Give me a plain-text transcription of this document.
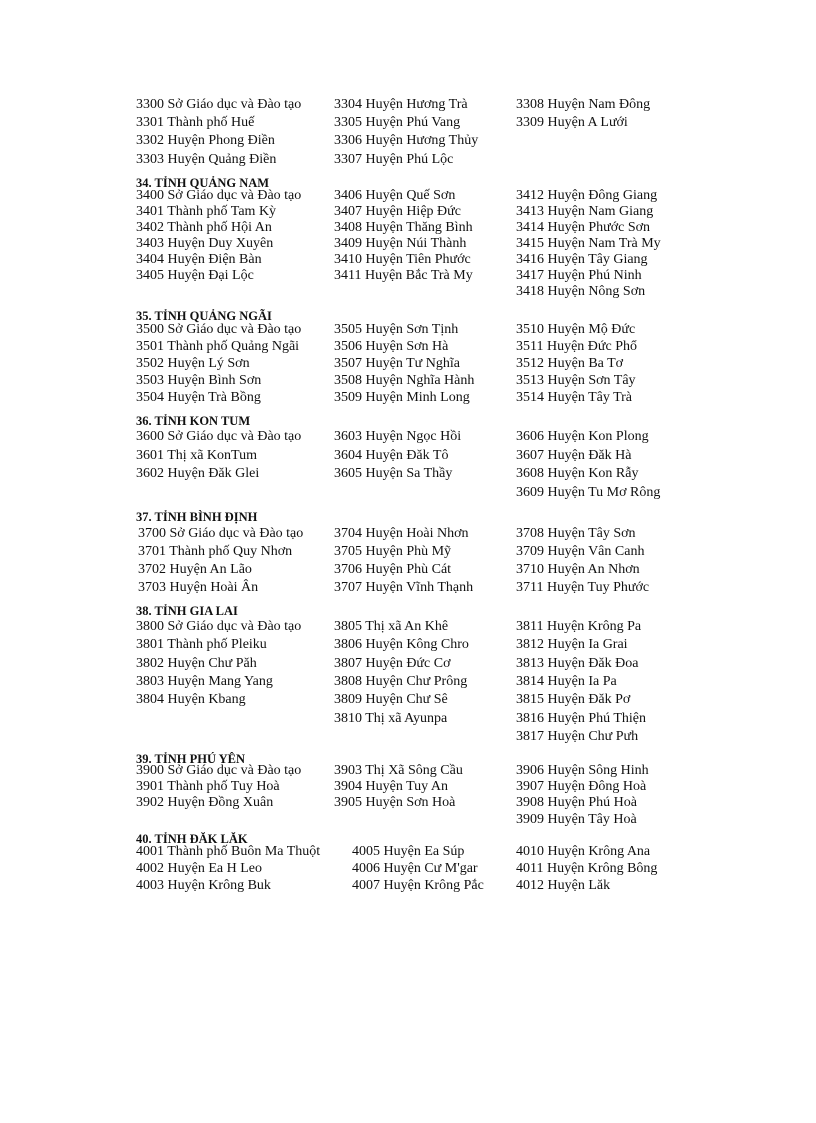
3300 Sở Giáo dục và Đào tạo
3301 Thành phố Huế
3302 Huyện Phong Điền
3303 Huyện Quảng Điền
3304 Huyện Hương Trà
3305 Huyện Phú Vang
3306 Huyện Hương Thủy
3307 Huyện Phú Lộc
3308 Huyện Nam Đông
3309 Huyện A Lưới
34. TỈNH QUẢNG NAM
3400 Sở Giáo dục và Đào tạo
3401 Thành phố Tam Kỳ
3402 Thành phố Hội An
3403 Huyện Duy Xuyên
3404 Huyện Điện Bàn
3405 Huyện Đại Lộc
3406 Huyện Quế Sơn
3407 Huyện Hiệp Đức
3408 Huyện Thăng Bình
3409 Huyện Núi Thành
3410 Huyện Tiên Phước
3411 Huyện Bắc Trà My
3412 Huyện Đông Giang
3413 Huyện Nam Giang
3414 Huyện Phước Sơn
3415 Huyện Nam Trà My
3416 Huyện Tây Giang
3417 Huyện Phú Ninh
3418 Huyện Nông Sơn
35. TỈNH QUẢNG NGÃI
3500 Sở Giáo dục và Đào tạo
3501 Thành phố Quảng Ngãi
3502 Huyện Lý Sơn
3503 Huyện Bình Sơn
3504 Huyện Trà Bồng
3505 Huyện Sơn Tịnh
3506 Huyện Sơn Hà
3507 Huyện Tư Nghĩa
3508 Huyện Nghĩa Hành
3509 Huyện Minh Long
3510 Huyện Mộ Đức
3511 Huyện Đức Phổ
3512 Huyện Ba Tơ
3513 Huyện Sơn Tây
3514 Huyện Tây Trà
36. TỈNH KON TUM
3600 Sở Giáo dục và Đào tạo
3601 Thị xã KonTum
3602 Huyện Đăk Glei
3603 Huyện Ngọc Hồi
3604 Huyện Đăk Tô
3605 Huyện Sa Thầy
3606 Huyện Kon Plong
3607 Huyện Đăk Hà
3608 Huyện Kon Rẫy
3609 Huyện Tu Mơ Rông
37. TỈNH BÌNH ĐỊNH
3700 Sở Giáo dục và Đào tạo
3701 Thành phố Quy Nhơn
3702 Huyện An Lão
3703 Huyện Hoài Ân
3704 Huyện Hoài Nhơn
3705 Huyện Phù Mỹ
3706 Huyện Phù Cát
3707 Huyện Vĩnh Thạnh
3708 Huyện Tây Sơn
3709 Huyện Vân Canh
3710 Huyện An Nhơn
3711 Huyện Tuy Phước
38. TỈNH GIA LAI
3800 Sở Giáo dục và Đào tạo
3801 Thành phố Pleiku
3802 Huyện Chư Păh
3803 Huyện Mang Yang
3804 Huyện Kbang
3805 Thị xã An Khê
3806 Huyện Kông Chro
3807 Huyện Đức Cơ
3808 Huyện Chư Prông
3809 Huyện Chư Sê
3810 Thị xã Ayunpa
3811 Huyện Krông Pa
3812 Huyện Ia Grai
3813 Huyện Đăk Đoa
3814 Huyện Ia Pa
3815 Huyện Đăk Pơ
3816 Huyện Phú Thiện
3817 Huyện Chư Pưh
39. TỈNH PHÚ YÊN
3900 Sở Giáo dục và Đào tạo
3901 Thành phố Tuy Hoà
3902 Huyện Đồng Xuân
3903 Thị Xã Sông Cầu
3904 Huyện Tuy An
3905 Huyện Sơn Hoà
3906 Huyện Sông Hinh
3907 Huyện Đông Hoà
3908 Huyện Phú Hoà
3909 Huyện Tây Hoà
40. TỈNH ĐĂK LĂK
4001 Thành phố Buôn Ma Thuột
4002 Huyện Ea H Leo
4003 Huyện Krông Buk
4005 Huyện Ea Súp
4006 Huyện Cư M'gar
4007 Huyện Krông Pắc
4010 Huyện Krông Ana
4011 Huyện Krông Bông
4012 Huyện Lăk
